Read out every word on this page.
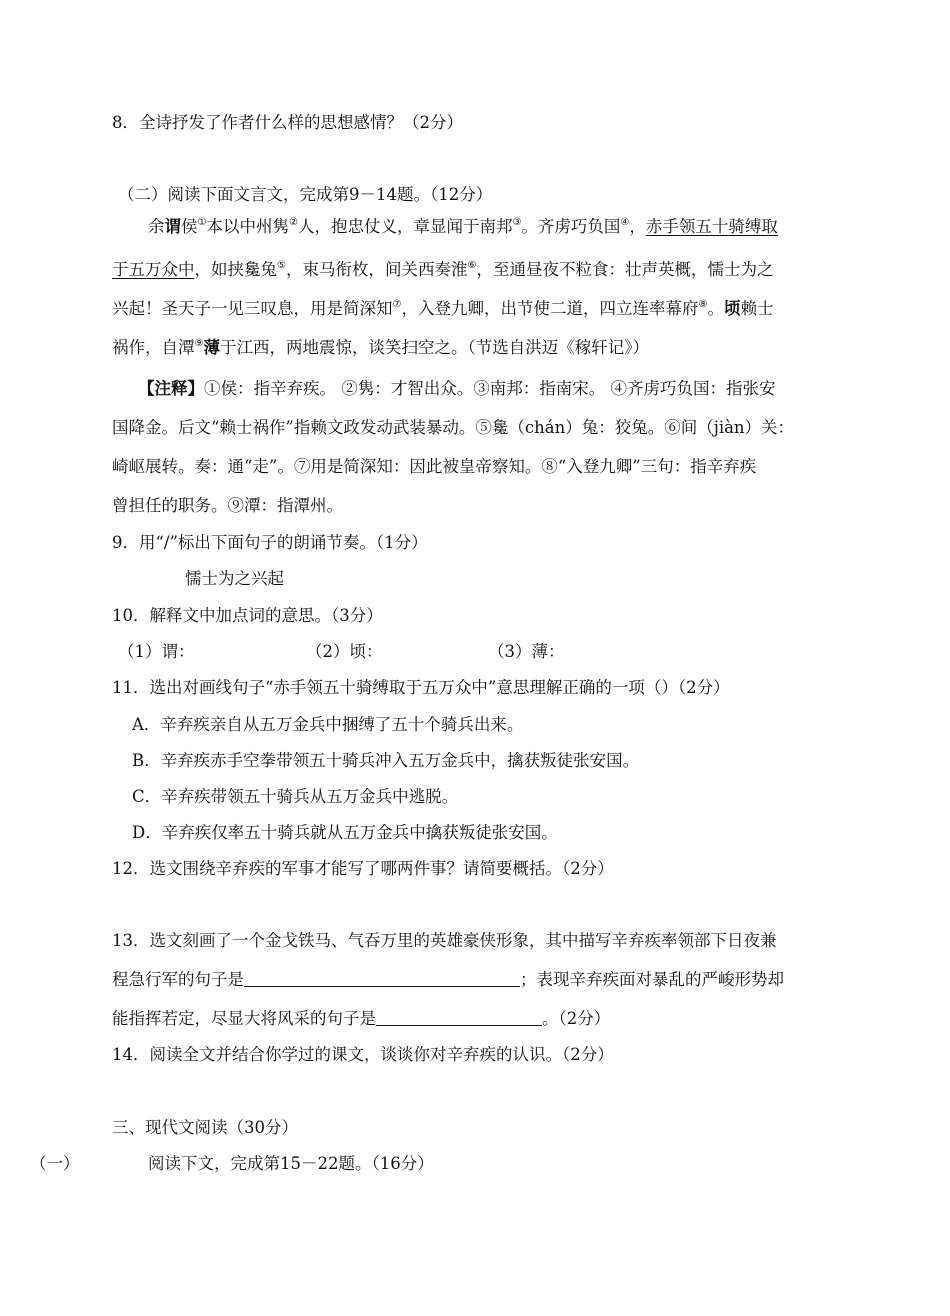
8．全诗抒发了作者什么样的思想感情？（2分）
（二）阅读下面文言文，完成第9－14题。（12分）
余谓侯①本以中州隽②人，抱忠仗义，章显闻于南邦③。齐虏巧负国④，赤手领五十骑缚取
于五万众中，如挟毚兔⑤，束马衔枚，间关西奏淮⑥，至通昼夜不粒食：壮声英概，懦士为之
兴起！圣天子一见三叹息，用是简深知⑦，入登九卿，出节使二道，四立连率幕府⑧。顷赖士
祸作，自潭⑨薄于江西，两地震惊，谈笑扫空之。（节选自洪迈《稼轩记》）
【注释】①侯：指辛弃疾。 ②隽：才智出众。③南邦：指南宋。 ④齐虏巧负国：指张安
国降金。后文“赖士祸作”指赖文政发动武装暴动。⑤毚（chán）兔：狡兔。⑥间（jiàn）关：
崎岖展转。奏：通“走”。⑦用是简深知：因此被皇帝察知。⑧“入登九卿”三句：指辛弃疾
曾担任的职务。⑨潭：指潭州。
9．用“/”标出下面句子的朗诵节奏。（1分）
懦士为之兴起
10．解释文中加点词的意思。（3分）
（1）谓：	（2）顷：	（3）薄：
11．选出对画线句子“赤手领五十骑缚取于五万众中”意思理解正确的一项（）（2分）
A．辛弃疾亲自从五万金兵中捆缚了五十个骑兵出来。
B．辛弃疾赤手空拳带领五十骑兵冲入五万金兵中，擒获叛徒张安国。
C．辛弃疾带领五十骑兵从五万金兵中逃脱。
D．辛弃疾仅率五十骑兵就从五万金兵中擒获叛徒张安国。
12．选文围绕辛弃疾的军事才能写了哪两件事？请简要概括。（2分）
13．选文刻画了一个金戈铁马、气吞万里的英雄豪侠形象，其中描写辛弃疾率领部下日夜兼
程急行军的句子是	；表现辛弃疾面对暴乱的严峻形势却
能指挥若定，尽显大将风采的句子是	。（2分）
14．阅读全文并结合你学过的课文，谈谈你对辛弃疾的认识。（2分）
三、现代文阅读（30分）
（一）	阅读下文，完成第15－22题。（16分）
